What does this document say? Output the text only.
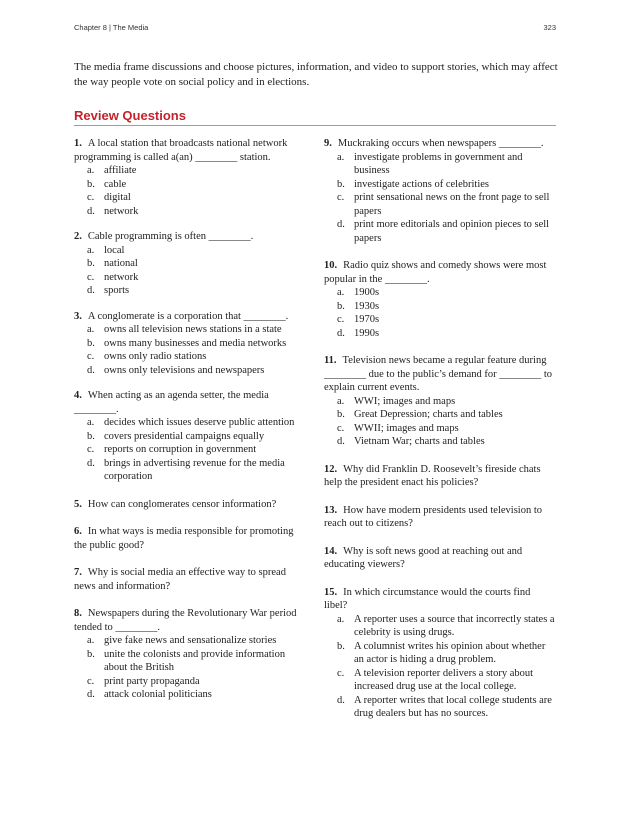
Chapter 8 | The Media	323

The media frame discussions and choose pictures, information, and video to support stories, which may affect the way people vote on social policy and in elections.

Review Questions
1. A local station that broadcasts national network programming is called a(an) ________ station.
a. affiliate
b. cable
c. digital
d. network
2. Cable programming is often ________.
a. local
b. national
c. network
d. sports
3. A conglomerate is a corporation that ________.
a. owns all television news stations in a state
b. owns many businesses and media networks
c. owns only radio stations
d. owns only televisions and newspapers
4. When acting as an agenda setter, the media ________.
a. decides which issues deserve public attention
b. covers presidential campaigns equally
c. reports on corruption in government
d. brings in advertising revenue for the media corporation
5. How can conglomerates censor information?
6. In what ways is media responsible for promoting the public good?
7. Why is social media an effective way to spread news and information?
8. Newspapers during the Revolutionary War period tended to ________.
a. give fake news and sensationalize stories
b. unite the colonists and provide information about the British
c. print party propaganda
d. attack colonial politicians
9. Muckraking occurs when newspapers ________.
a. investigate problems in government and business
b. investigate actions of celebrities
c. print sensational news on the front page to sell papers
d. print more editorials and opinion pieces to sell papers
10. Radio quiz shows and comedy shows were most popular in the ________.
a. 1900s
b. 1930s
c. 1970s
d. 1990s
11. Television news became a regular feature during ________ due to the public’s demand for ________ to explain current events.
a. WWI; images and maps
b. Great Depression; charts and tables
c. WWII; images and maps
d. Vietnam War; charts and tables
12. Why did Franklin D. Roosevelt’s fireside chats help the president enact his policies?
13. How have modern presidents used television to reach out to citizens?
14. Why is soft news good at reaching out and educating viewers?
15. In which circumstance would the courts find libel?
a. A reporter uses a source that incorrectly states a celebrity is using drugs.
b. A columnist writes his opinion about whether an actor is hiding a drug problem.
c. A television reporter delivers a story about increased drug use at the local college.
d. A reporter writes that local college students are drug dealers but has no sources.
